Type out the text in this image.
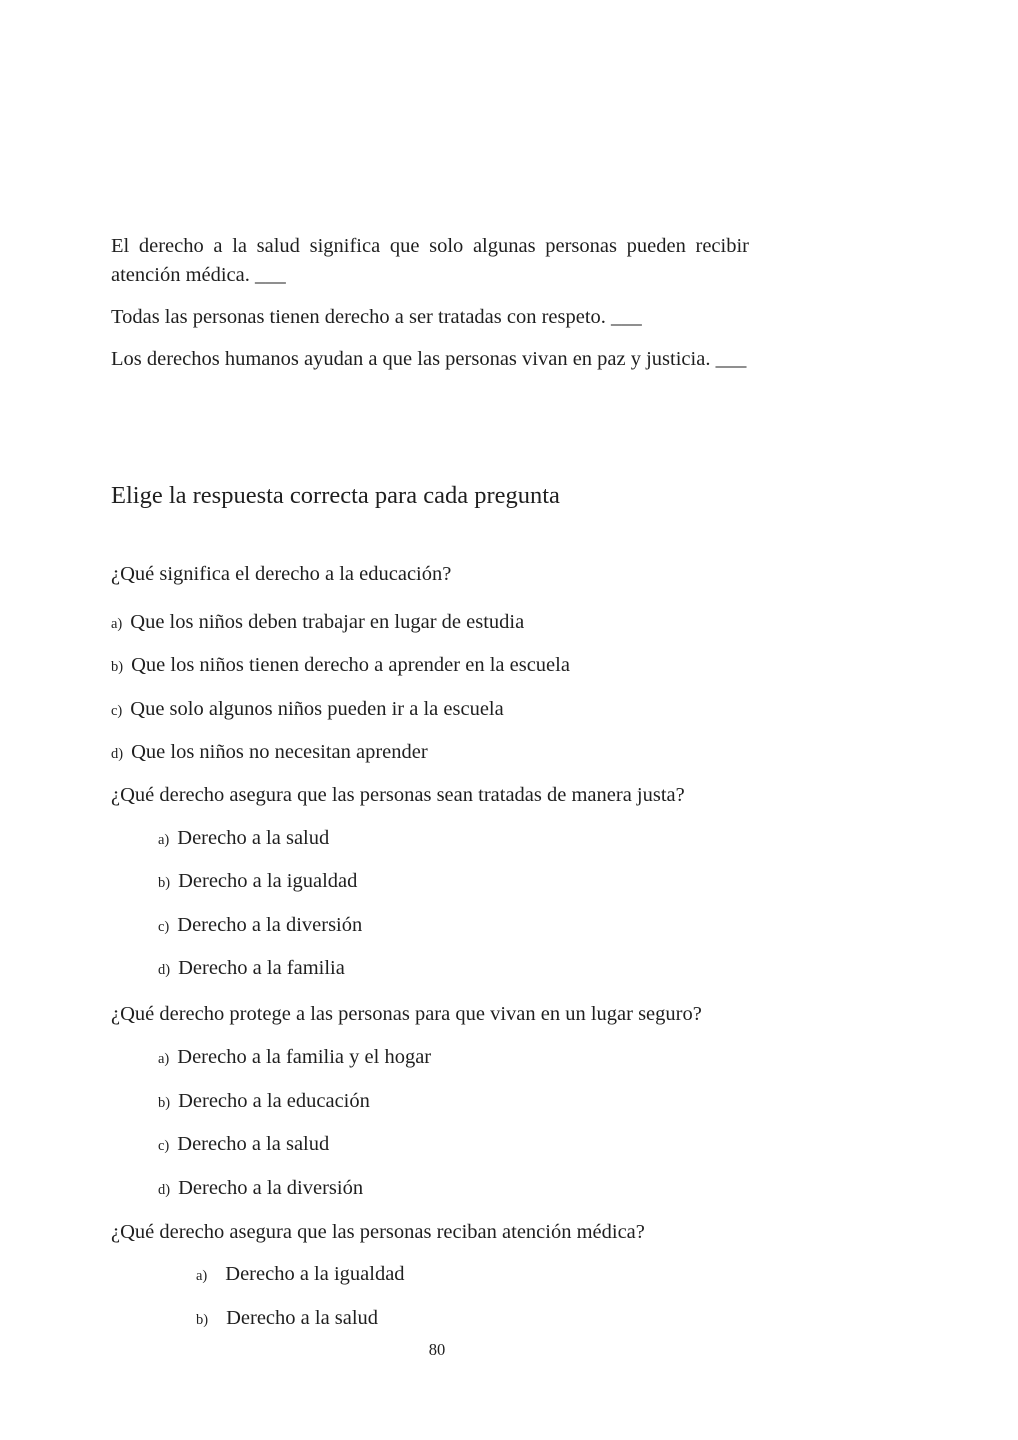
El derecho a la salud significa que solo algunas personas pueden recibir atención médica. ___

Todas las personas tienen derecho a ser tratadas con respeto. ___

Los derechos humanos ayudan a que las personas vivan en paz y justicia. ___

Elige la respuesta correcta para cada pregunta

¿Qué significa el derecho a la educación?

a) Que los niños deben trabajar en lugar de estudia

b) Que los niños tienen derecho a aprender en la escuela

c) Que solo algunos niños pueden ir a la escuela

d) Que los niños no necesitan aprender

¿Qué derecho asegura que las personas sean tratadas de manera justa?

a) Derecho a la salud

b) Derecho a la igualdad

c) Derecho a la diversión

d) Derecho a la familia

¿Qué derecho protege a las personas para que vivan en un lugar seguro?

a) Derecho a la familia y el hogar

b) Derecho a la educación

c) Derecho a la salud

d) Derecho a la diversión

¿Qué derecho asegura que las personas reciban atención médica?

a) Derecho a la igualdad

b) Derecho a la salud

80
